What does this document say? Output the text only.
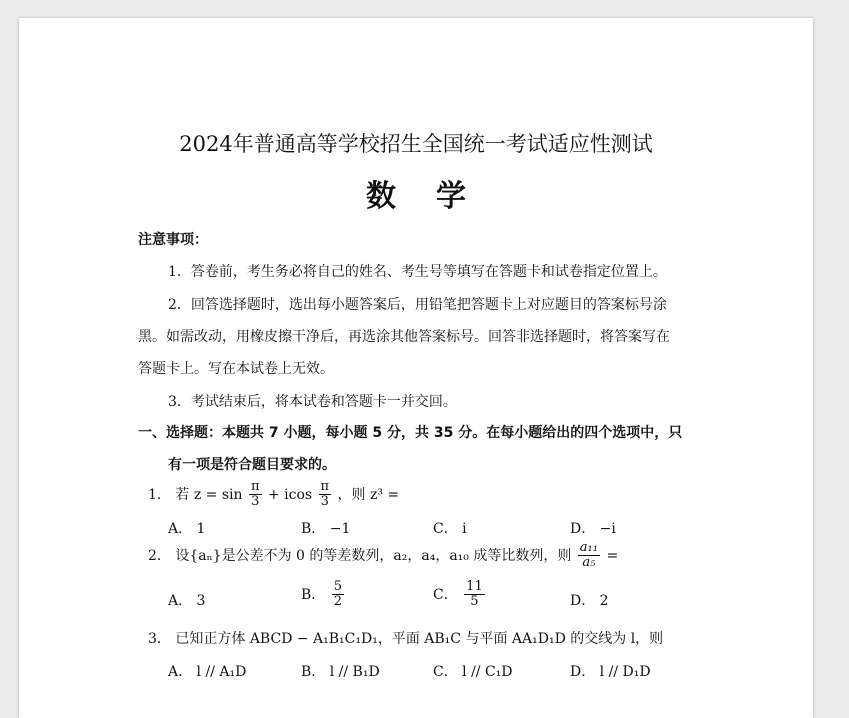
2024年普通高等学校招生全国统一考试适应性测试
数学
注意事项：
1．答卷前，考生务必将自己的姓名、考生号等填写在答题卡和试卷指定位置上。
2．回答选择题时，选出每小题答案后，用铅笔把答题卡上对应题目的答案标号涂
黑。如需改动，用橡皮擦干净后，再选涂其他答案标号。回答非选择题时，将答案写在
答题卡上。写在本试卷上无效。
3．考试结束后，将本试卷和答题卡一并交回。
一、选择题：本题共 7 小题，每小题 5 分，共 35 分。在每小题给出的四个选项中，只
有一项是符合题目要求的。
1． 若 $z = \sin \frac{\pi}{3} + icos \frac{\pi}{3}$ ，则 z³ =
A． 1	B． −1	C． i	D． −i
2． 设{aₙ}是公差不为 0 的等差数列，a₂，a₄，a₁₀ 成等比数列，则 $\frac{\text{a₁₁}}{\text{a₅}}$ =
A． 3	B． $\frac{5}{2}$	C． $\frac{11}{5}$	D． 2
3． 已知正方体 ABCD − A₁B₁C₁D₁，平面 AB₁C 与平面 AA₁D₁D 的交线为 l，则
A． l // A₁D	B． l // B₁D	C． l // C₁D	D． l // D₁D
